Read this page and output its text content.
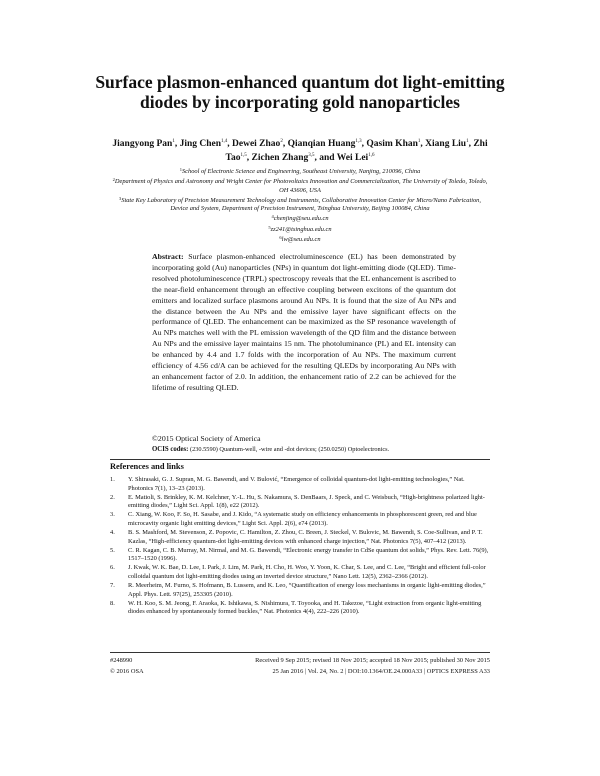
Surface plasmon-enhanced quantum dot light-emitting diodes by incorporating gold nanoparticles
Jiangyong Pan$^1$, Jing Chen$^{1,4}$, Dewei Zhao$^2$, Qianqian Huang$^{1,3}$, Qasim Khan$^1$, Xiang Liu$^1$, Zhi Tao$^{1,5}$, Zichen Zhang$^{3,5}$, and Wei Lei$^{1,6}$
$^1$School of Electronic Science and Engineering, Southeast University, Nanjing, 210096, China
$^2$Department of Physics and Astronomy and Wright Center for Photovoltaics Innovation and Commercialization, The University of Toledo, Toledo, OH 43606, USA
$^3$State Key Laboratory of Precision Measurement Technology and Instruments, Collaborative Innovation Center for Micro/Nano Fabrication, Device and System, Department of Precision Instrument, Tsinghua University, Beijing 100084, China
$^4$chenjing@seu.edu.cn
$^5$zz241@tsinghua.edu.cn
$^6$lw@seu.edu.cn
Abstract: Surface plasmon-enhanced electroluminescence (EL) has been demonstrated by incorporating gold (Au) nanoparticles (NPs) in quantum dot light-emitting diode (QLED). Time-resolved photoluminescence (TRPL) spectroscopy reveals that the EL enhancement is ascribed to the near-field enhancement through an effective coupling between excitons of the quantum dot emitters and localized surface plasmons around Au NPs. It is found that the size of Au NPs and the distance between the Au NPs and the emissive layer have significant effects on the performance of QLED. The enhancement can be maximized as the SP resonance wavelength of Au NPs matches well with the PL emission wavelength of the QD film and the distance between Au NPs and the emissive layer maintains 15 nm. The photoluminance (PL) and EL intensity can be enhanced by 4.4 and 1.7 folds with the incorporation of Au NPs. The maximum current efficiency of 4.56 cd/A can be achieved for the resulting QLEDs by incorporating Au NPs with an enhancement factor of 2.0. In addition, the enhancement ratio of 2.2 can be achieved for the lifetime of resulting QLED.
©2015 Optical Society of America
OCIS codes: (230.5590) Quantum-well, -wire and -dot devices; (250.0250) Optoelectronics.
References and links
1.	Y. Shirasaki, G. J. Supran, M. G. Bawendi, and V. Bulović, “Emergence of colloidal quantum-dot light-emitting technologies,” Nat. Photonics 7(1), 13–23 (2013).
2.	E. Matioli, S. Brinkley, K. M. Kelchner, Y.-L. Hu, S. Nakamura, S. DenBaars, J. Speck, and C. Weisbuch, “High-brightness polarized light-emitting diodes,” Light Sci. Appl. 1(8), e22 (2012).
3.	C. Xiang, W. Koo, F. So, H. Sasabe, and J. Kido, “A systematic study on efficiency enhancements in phosphorescent green, red and blue microcavity organic light emitting devices,” Light Sci. Appl. 2(6), e74 (2013).
4.	B. S. Mashford, M. Stevenson, Z. Popovic, C. Hamilton, Z. Zhou, C. Breen, J. Steckel, V. Bulovic, M. Bawendi, S. Coe-Sullivan, and P. T. Kazlas, “High-efficiency quantum-dot light-emitting devices with enhanced charge injection,” Nat. Photonics 7(5), 407–412 (2013).
5.	C. R. Kagan, C. B. Murray, M. Nirmal, and M. G. Bawendi, “Electronic energy transfer in CdSe quantum dot solids,” Phys. Rev. Lett. 76(9), 1517–1520 (1996).
6.	J. Kwak, W. K. Bae, D. Lee, I. Park, J. Lim, M. Park, H. Cho, H. Woo, Y. Yoon, K. Char, S. Lee, and C. Lee, “Bright and efficient full-color colloidal quantum dot light-emitting diodes using an inverted device structure,” Nano Lett. 12(5), 2362–2366 (2012).
7.	R. Meerheim, M. Furno, S. Hofmann, B. Lussem, and K. Leo, “Quantification of energy loss mechanisms in organic light-emitting diodes,” Appl. Phys. Lett. 97(25), 253305 (2010).
8.	W. H. Koo, S. M. Jeong, F. Araoka, K. Ishikawa, S. Nishimura, T. Toyooka, and H. Takezoe, “Light extraction from organic light-emitting diodes enhanced by spontaneously formed buckles,” Nat. Photonics 4(4), 222–226 (2010).
#248990	Received 9 Sep 2015; revised 18 Nov 2015; accepted 18 Nov 2015; published 30 Nov 2015
© 2016 OSA	25 Jan 2016 | Vol. 24, No. 2 | DOI:10.1364/OE.24.000A33 | OPTICS EXPRESS A33
